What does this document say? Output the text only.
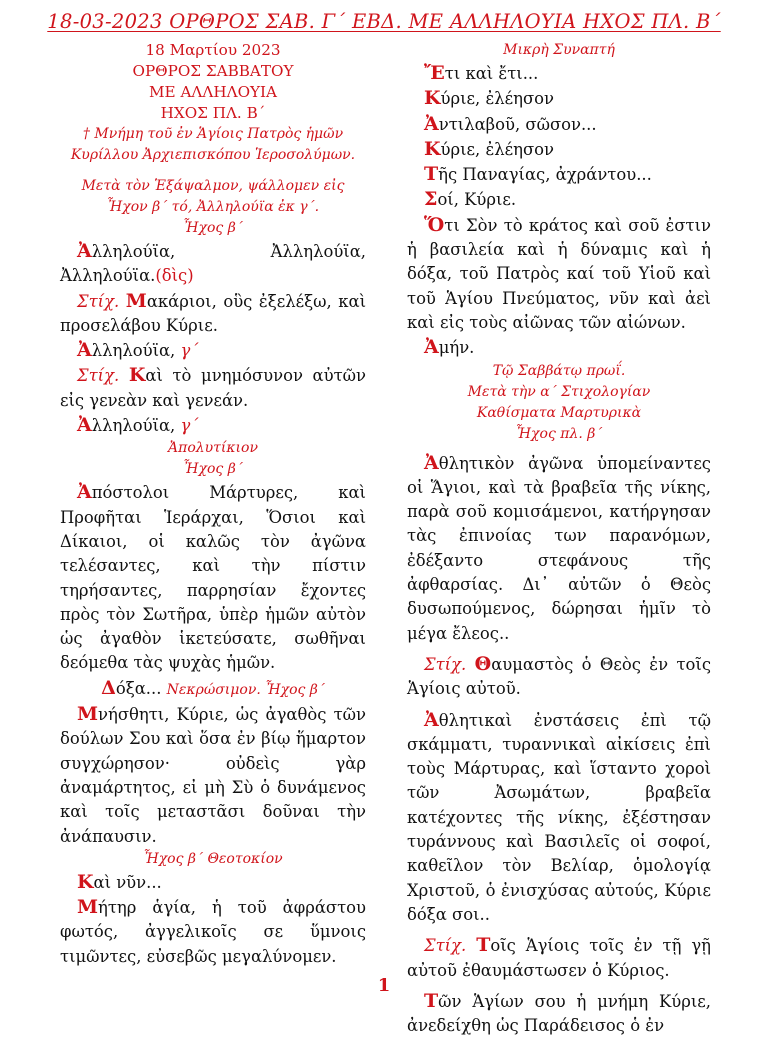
18-03-2023 ΟΡΘΡΟΣ ΣΑΒ. Γ΄ ΕΒΔ. ΜΕ ΑΛΛΗΛΟΥΙΑ ΗΧΟΣ ΠΛ. Β΄
18 Μαρτίου 2023
ΟΡΘΡΟΣ ΣΑΒΒΑΤΟΥ
ΜΕ ΑΛΛΗΛΟΥΙΑ
ΗΧΟΣ ΠΛ. Β΄
† Μνήμη τοῦ ἐν Ἁγίοις Πατρὸς ἡμῶν
Κυρίλλου Ἀρχιεπισκόπου Ἱεροσολύμων.
Μετὰ τὸν Ἑξάψαλμον, ψάλλομεν εἰς
Ἦχον β΄ τό, Ἀλληλούϊα ἐκ γ΄.
Ἦχος β΄

Ἀλληλούϊα, Ἀλληλούϊα, Ἀλληλούϊα.(δὶς)

Στίχ. Μακάριοι, οὓς ἐξελέξω, καὶ προσελάβου Κύριε.

Ἀλληλούϊα, γ΄

Στίχ. Καὶ τὸ μνημόσυνον αὐτῶν εἰς γενεὰν καὶ γενεάν.

Ἀλληλούϊα, γ΄

Ἀπολυτίκιον
Ἦχος β΄

Ἀπόστολοι Μάρτυρες, καὶ Προφῆται Ἱεράρχαι, Ὅσιοι καὶ Δίκαιοι, οἱ καλῶς τὸν ἀγῶνα τελέσαντες, καὶ τὴν πίστιν τηρήσαντες, παρρησίαν ἔχοντες πρὸς τὸν Σωτῆρα, ὑπὲρ ἡμῶν αὐτὸν ὡς ἀγαθὸν ἱκετεύσατε, σωθῆναι δεόμεθα τὰς ψυχὰς ἡμῶν.

Δόξα... Νεκρώσιμον. Ἦχος β΄

Μνήσθητι, Κύριε, ὡς ἀγαθὸς τῶν δούλων Σου καὶ ὅσα ἐν βίῳ ἥμαρτον συγχώρησον· οὐδεὶς γὰρ ἀναμάρτητος, εἰ μὴ Σὺ ὁ δυνάμενος καὶ τοῖς μεταστᾶσι δοῦναι τὴν ἀνάπαυσιν.

Ἦχος β΄ Θεοτοκίον

Καὶ νῦν...

Μήτηρ ἁγία, ἡ τοῦ ἀφράστου φωτός, ἀγγελικοῖς σε ὕμνοις τιμῶντες, εὐσεβῶς μεγαλύνομεν.

Μικρὴ Συναπτή

Ἔτι καὶ ἔτι...

Κύριε, ἐλέησον

Ἀντιλαβοῦ, σῶσον...

Κύριε, ἐλέησον

Τῆς Παναγίας, ἀχράντου...

Σοί, Κύριε.

Ὅτι Σὸν τὸ κράτος καὶ σοῦ ἐστιν ἡ βασιλεία καὶ ἡ δύναμις καὶ ἡ δόξα, τοῦ Πατρὸς καί τοῦ Υἱοῦ καὶ τοῦ Ἁγίου Πνεύματος, νῦν καὶ ἀεὶ καὶ εἰς τοὺς αἰῶνας τῶν αἰώνων.

Ἀμήν.

Τῷ Σαββάτῳ πρωΐ.
Μετὰ τὴν α΄ Στιχολογίαν
Καθίσματα Μαρτυρικὰ
Ἦχος πλ. β΄

Ἀθλητικὸν ἀγῶνα ὑπομείναντες οἱ Ἅγιοι, καὶ τὰ βραβεῖα τῆς νίκης, παρὰ σοῦ κομισάμενοι, κατήργησαν τὰς ἐπινοίας των παρανόμων, ἐδέξαντο στεφάνους τῆς ἀφθαρσίας. Δι᾽ αὐτῶν ὁ Θεὸς δυσωπούμενος, δώρησαι ἡμῖν τὸ μέγα ἔλεος..

Στίχ. Θαυμαστὸς ὁ Θεὸς ἐν τοῖς Ἁγίοις αὐτοῦ.

Ἀθλητικαὶ ἐνστάσεις ἐπὶ τῷ σκάμματι, τυραννικαὶ αἰκίσεις ἐπὶ τοὺς Μάρτυρας, καὶ ἵσταντο χοροὶ τῶν Ἀσωμάτων, βραβεῖα κατέχοντες τῆς νίκης, ἐξέστησαν τυράννους καὶ Βασιλεῖς οἱ σοφοί, καθεῖλον τὸν Βελίαρ, ὁμολογίᾳ Χριστοῦ, ὁ ἐνισχύσας αὐτούς, Κύριε δόξα σοι..

Στίχ. Τοῖς Ἁγίοις τοῖς ἐν τῇ γῇ αὐτοῦ ἐθαυμάστωσεν ὁ Κύριος.

Τῶν Ἁγίων σου ἡ μνήμη Κύριε, ἀνεδείχθη ὡς Παράδεισος ὁ ἐν

1
